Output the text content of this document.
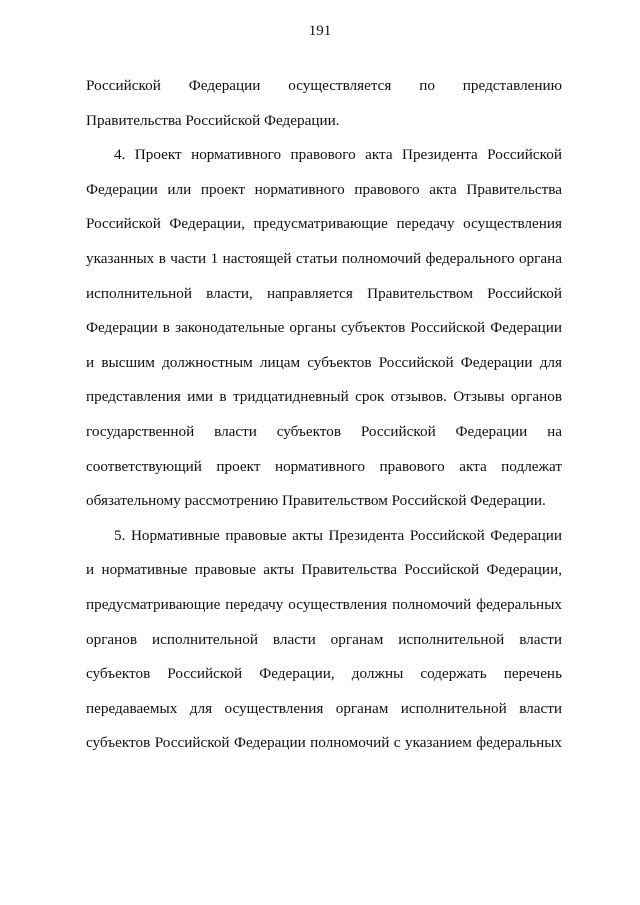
191

Российской Федерации осуществляется по представлению Правительства Российской Федерации.

4. Проект нормативного правового акта Президента Российской Федерации или проект нормативного правового акта Правительства Российской Федерации, предусматривающие передачу осуществления указанных в части 1 настоящей статьи полномочий федерального органа исполнительной власти, направляется Правительством Российской Федерации в законодательные органы субъектов Российской Федерации и высшим должностным лицам субъектов Российской Федерации для представления ими в тридцатидневный срок отзывов. Отзывы органов государственной власти субъектов Российской Федерации на соответствующий проект нормативного правового акта подлежат обязательному рассмотрению Правительством Российской Федерации.

5. Нормативные правовые акты Президента Российской Федерации и нормативные правовые акты Правительства Российской Федерации, предусматривающие передачу осуществления полномочий федеральных органов исполнительной власти органам исполнительной власти субъектов Российской Федерации, должны содержать перечень передаваемых для осуществления органам исполнительной власти субъектов Российской Федерации полномочий с указанием федеральных
